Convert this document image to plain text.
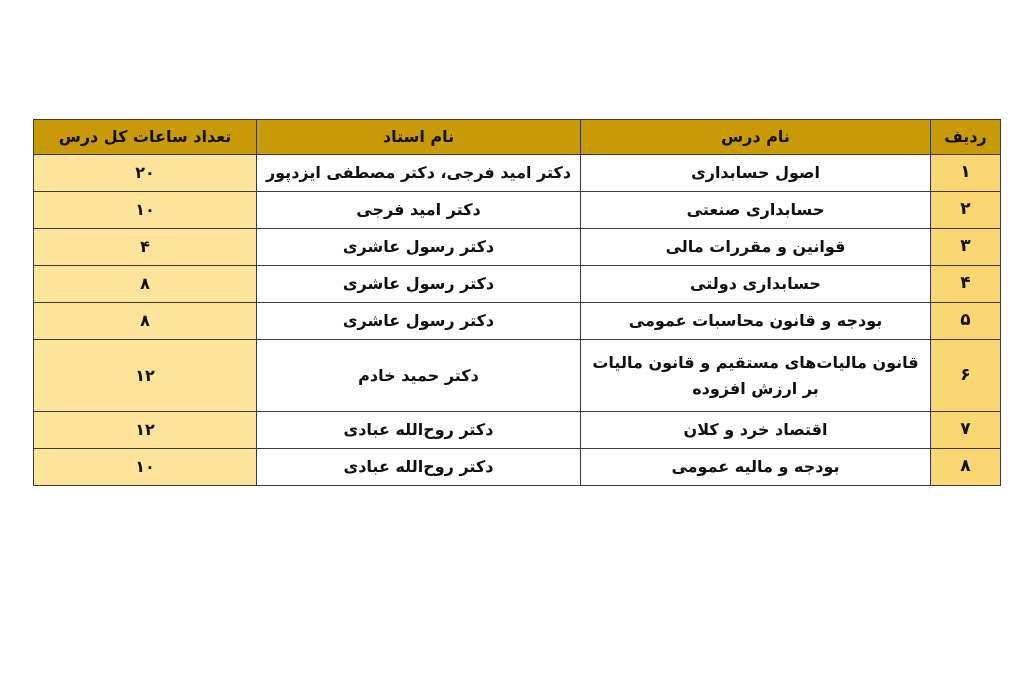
ردیف	نام درس	نام استاد	تعداد ساعات کل درس
۱	اصول حسابداری	دکتر امید فرجی، دکتر مصطفی ایزدپور	۲۰
۲	حسابداری صنعتی	دکتر امید فرجی	۱۰
۳	قوانین و مقررات مالی	دکتر رسول عاشری	۴
۴	حسابداری دولتی	دکتر رسول عاشری	۸
۵	بودجه و قانون محاسبات عمومی	دکتر رسول عاشری	۸
۶	قانون مالیات‌های مستقیم و قانون مالیات بر ارزش افزوده	دکتر حمید خادم	۱۲
۷	اقتصاد خرد و کلان	دکتر روح‌الله عبادی	۱۲
۸	بودجه و مالیه عمومی	دکتر روح‌الله عبادی	۱۰
